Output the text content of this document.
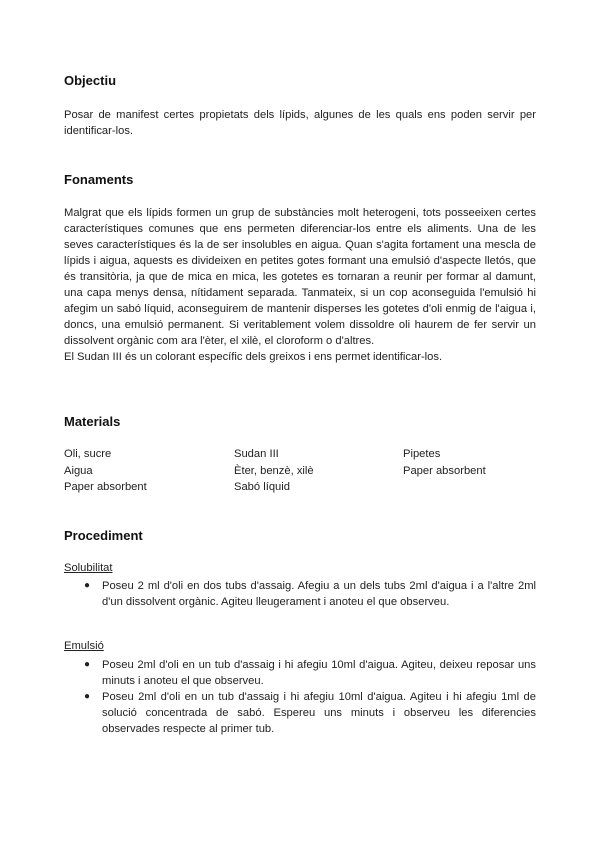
Objectiu

Posar de manifest certes propietats dels lípids, algunes de les quals ens poden servir per identificar-los.

Fonaments

Malgrat que els lípids formen un grup de substàncies molt heterogeni, tots posseeixen certes característiques comunes que ens permeten diferenciar-los entre els aliments. Una de les seves característiques és la de ser insolubles en aigua. Quan s'agita fortament una mescla de lípids i aigua, aquests es divideixen en petites gotes formant una emulsió d'aspecte lletós, que és transitòria, ja que de mica en mica, les gotetes es tornaran a reunir per formar al damunt, una capa menys densa, nítidament separada. Tanmateix, si un cop aconseguida l'emulsió hi afegim un sabó líquid, aconseguirem de mantenir disperses les gotetes d'oli enmig de l'aigua i, doncs, una emulsió permanent. Si veritablement volem dissoldre oli haurem de fer servir un dissolvent orgànic com ara l'èter, el xilè, el cloroform o d'altres.

El Sudan III és un colorant específic dels greixos i ens permet identificar-los.

Materials
Oli, sucre
Aigua
Paper absorbent
Sudan III
Èter, benzè, xilè
Sabó líquid
Pipetes
Paper absorbent
Procediment
Solubilitat
● Poseu 2 ml d'oli en dos tubs d'assaig. Afegiu a un dels tubs 2ml d'aigua i a l'altre 2ml d'un dissolvent orgànic. Agiteu lleugerament i anoteu el que observeu.
Emulsió
● Poseu 2ml d'oli en un tub d'assaig i hi afegiu 10ml d'aigua. Agiteu, deixeu reposar uns minuts i anoteu el que observeu.
● Poseu 2ml d'oli en un tub d'assaig i hi afegiu 10ml d'aigua. Agiteu i hi afegiu 1ml de solució concentrada de sabó. Espereu uns minuts i observeu les diferencies observades respecte al primer tub.
